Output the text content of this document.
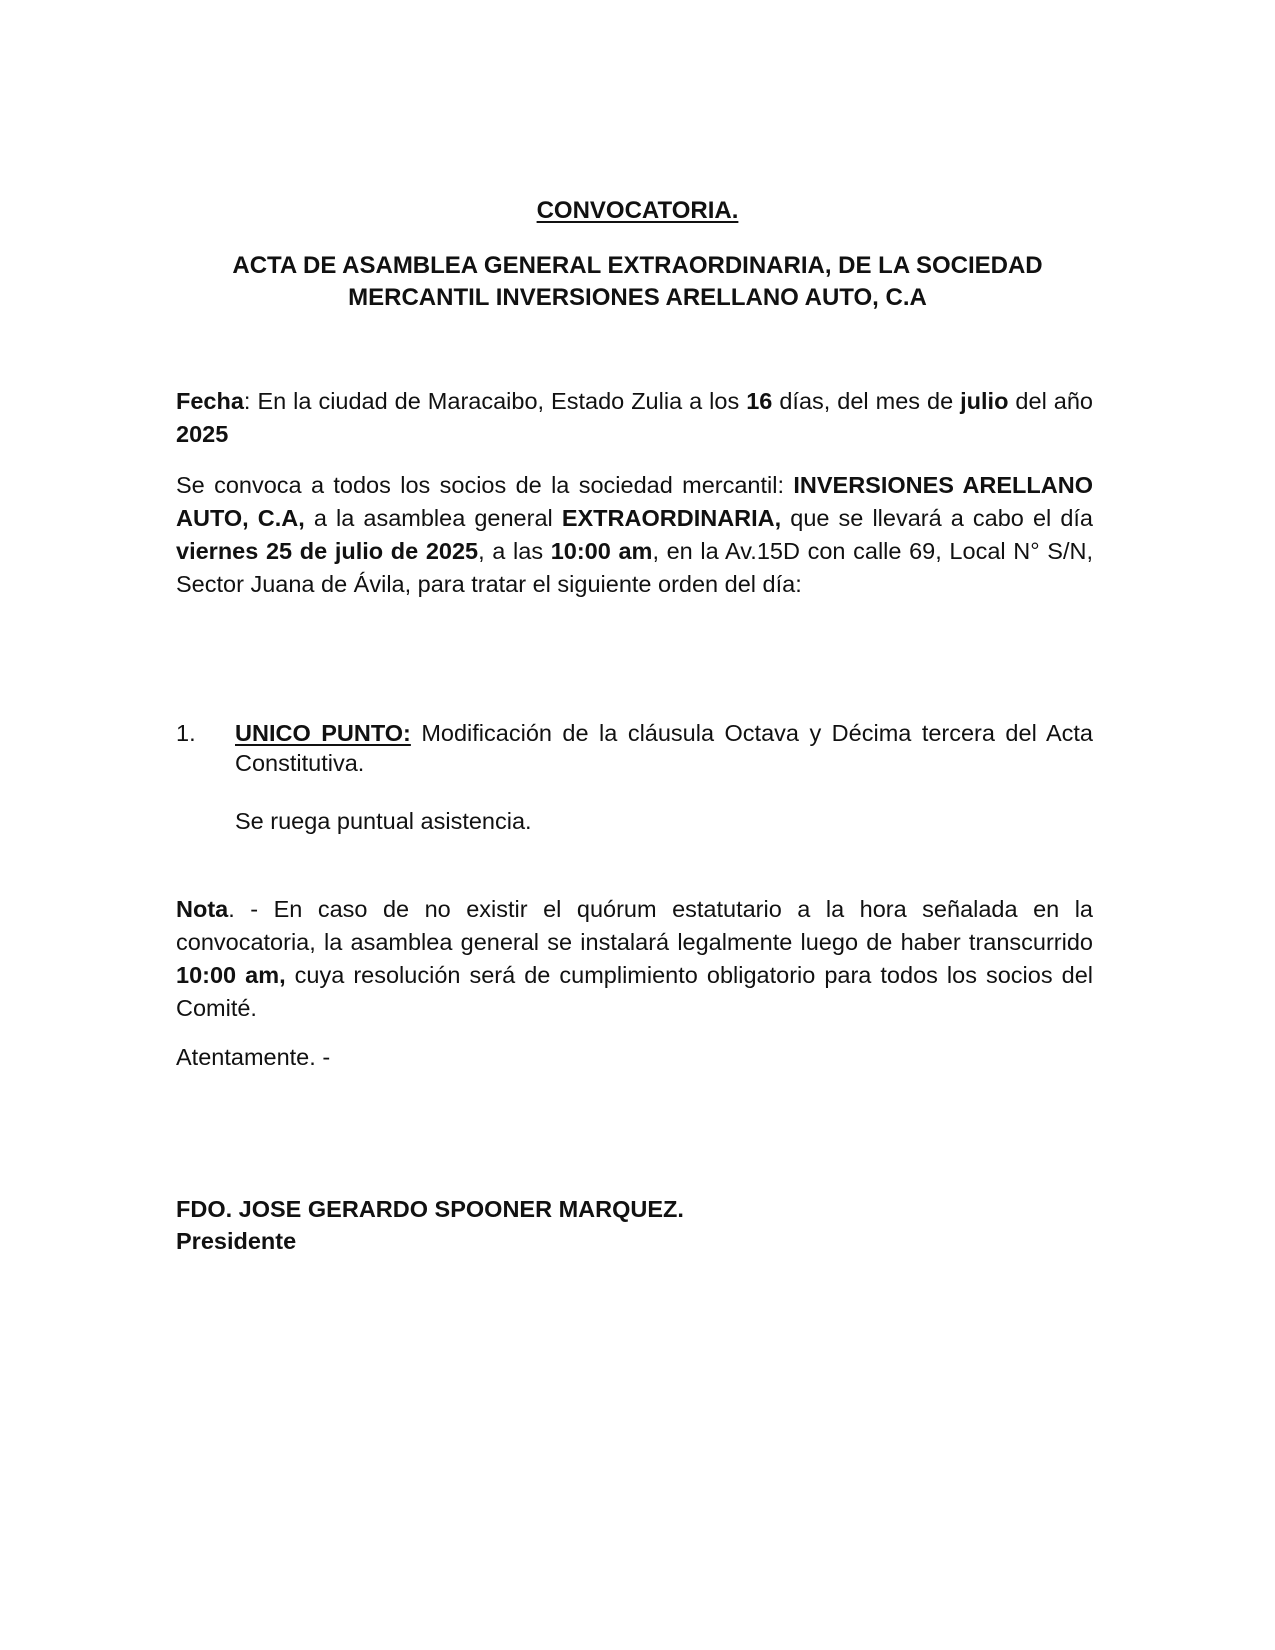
CONVOCATORIA.

ACTA DE ASAMBLEA GENERAL EXTRAORDINARIA, DE LA SOCIEDAD
MERCANTIL INVERSIONES ARELLANO AUTO, C.A

Fecha: En la ciudad de Maracaibo, Estado Zulia a los 16 días, del mes de julio del año 2025

Se convoca a todos los socios de la sociedad mercantil: INVERSIONES ARELLANO AUTO, C.A, a la asamblea general EXTRAORDINARIA, que se llevará a cabo el día viernes 25 de julio de 2025, a las 10:00 am, en la Av.15D con calle 69, Local N° S/N, Sector Juana de Ávila, para tratar el siguiente orden del día:

1. UNICO PUNTO: Modificación de la cláusula Octava y Décima tercera del Acta Constitutiva.

Se ruega puntual asistencia.

Nota. - En caso de no existir el quórum estatutario a la hora señalada en la convocatoria, la asamblea general se instalará legalmente luego de haber transcurrido 10:00 am, cuya resolución será de cumplimiento obligatorio para todos los socios del Comité.

Atentamente. -

FDO. JOSE GERARDO SPOONER MARQUEZ.

Presidente
